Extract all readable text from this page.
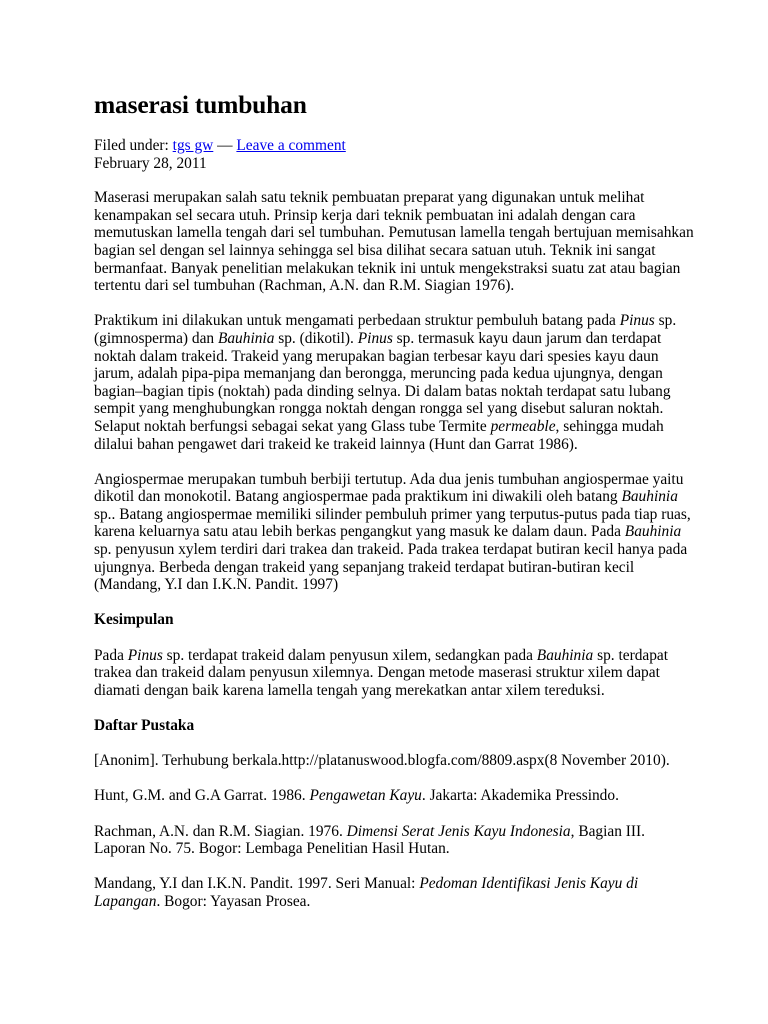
maserasi tumbuhan
Filed under: tgs gw — Leave a comment
February 28, 2011

Maserasi merupakan salah satu teknik pembuatan preparat yang digunakan untuk melihat kenampakan sel secara utuh. Prinsip kerja dari teknik pembuatan ini adalah dengan cara memutuskan lamella tengah dari sel tumbuhan. Pemutusan lamella tengah bertujuan memisahkan bagian sel dengan sel lainnya sehingga sel bisa dilihat secara satuan utuh. Teknik ini sangat bermanfaat. Banyak penelitian melakukan teknik ini untuk mengekstraksi suatu zat atau bagian tertentu dari sel tumbuhan (Rachman, A.N. dan R.M. Siagian 1976).

Praktikum ini dilakukan untuk mengamati perbedaan struktur pembuluh batang pada Pinus sp. (gimnosperma) dan Bauhinia sp. (dikotil). Pinus sp. termasuk kayu daun jarum dan terdapat noktah dalam trakeid. Trakeid yang merupakan bagian terbesar kayu dari spesies kayu daun jarum, adalah pipa-pipa memanjang dan berongga, meruncing pada kedua ujungnya, dengan bagian–bagian tipis (noktah) pada dinding selnya. Di dalam batas noktah terdapat satu lubang sempit yang menghubungkan rongga noktah dengan rongga sel yang disebut saluran noktah. Selaput noktah berfungsi sebagai sekat yang Glass tube Termite permeable, sehingga mudah dilalui bahan pengawet dari trakeid ke trakeid lainnya (Hunt dan Garrat 1986).

Angiospermae merupakan tumbuh berbiji tertutup. Ada dua jenis tumbuhan angiospermae yaitu dikotil dan monokotil. Batang angiospermae pada praktikum ini diwakili oleh batang Bauhinia sp.. Batang angiospermae memiliki silinder pembuluh primer yang terputus-putus pada tiap ruas, karena keluarnya satu atau lebih berkas pengangkut yang masuk ke dalam daun. Pada Bauhinia sp. penyusun xylem terdiri dari trakea dan trakeid. Pada trakea terdapat butiran kecil hanya pada ujungnya. Berbeda dengan trakeid yang sepanjang trakeid terdapat butiran-butiran kecil (Mandang, Y.I dan I.K.N. Pandit. 1997)

Kesimpulan

Pada Pinus sp. terdapat trakeid dalam penyusun xilem, sedangkan pada Bauhinia sp. terdapat trakea dan trakeid dalam penyusun xilemnya. Dengan metode maserasi struktur xilem dapat diamati dengan baik karena lamella tengah yang merekatkan antar xilem tereduksi.

Daftar Pustaka

[Anonim]. Terhubung berkala.http://platanuswood.blogfa.com/8809.aspx(8 November 2010).

Hunt, G.M. and G.A Garrat. 1986. Pengawetan Kayu. Jakarta: Akademika Pressindo.

Rachman, A.N. dan R.M. Siagian. 1976. Dimensi Serat Jenis Kayu Indonesia, Bagian III. Laporan No. 75. Bogor: Lembaga Penelitian Hasil Hutan.

Mandang, Y.I dan I.K.N. Pandit. 1997. Seri Manual: Pedoman Identifikasi Jenis Kayu di Lapangan. Bogor: Yayasan Prosea.
